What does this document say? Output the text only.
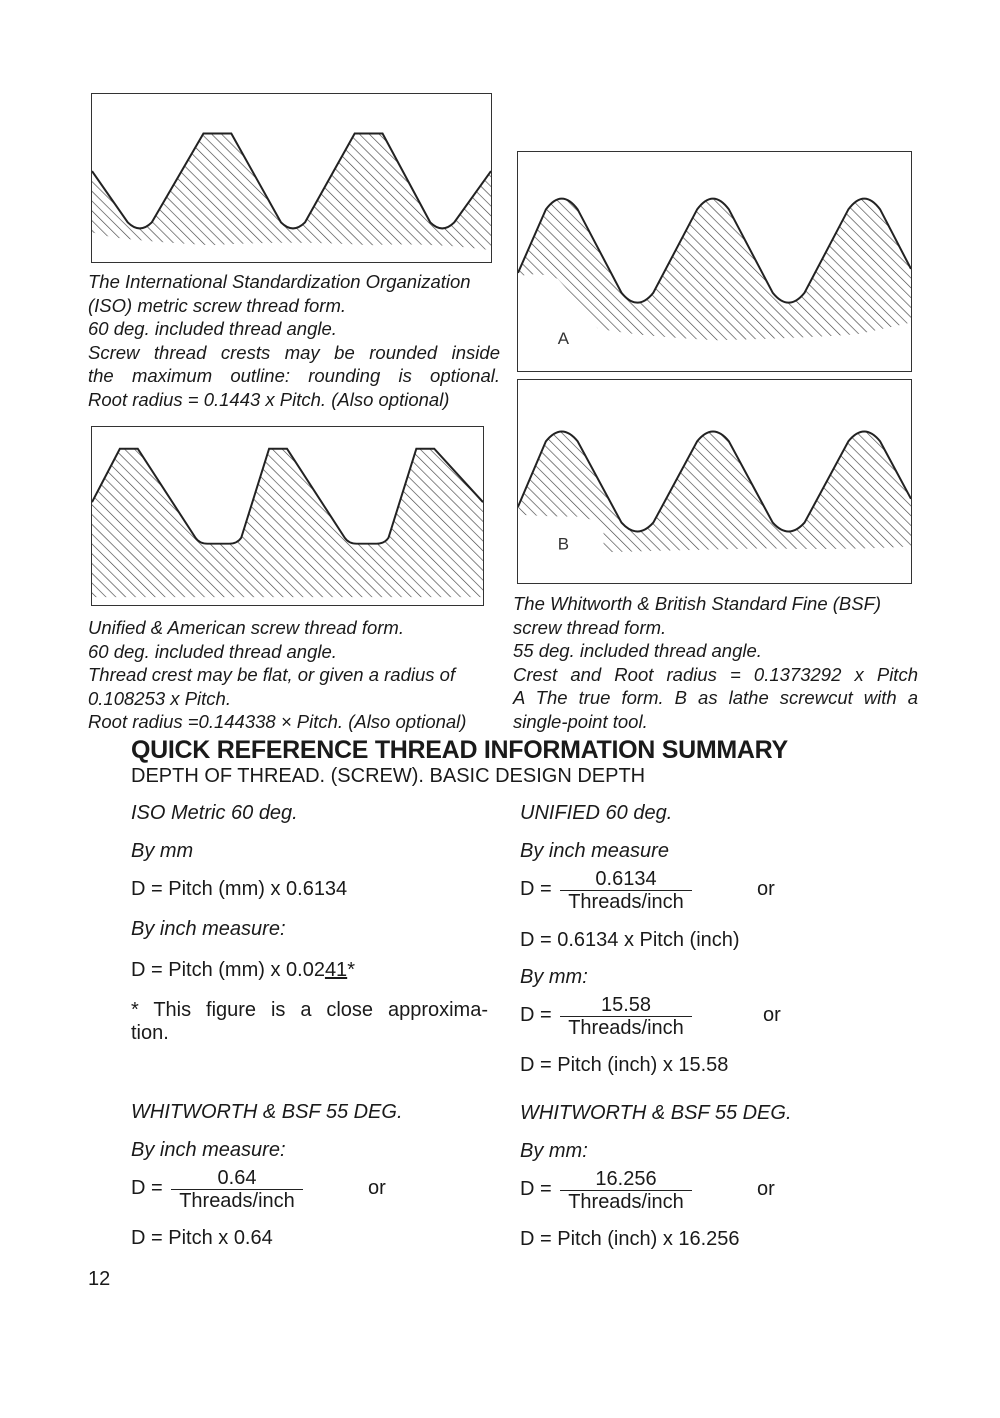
The International Standardization Organization
(ISO) metric screw thread form.
60 deg. included thread angle.
Screw thread crests may be rounded inside
the maximum outline: rounding is optional.
Root radius = 0.1443 x Pitch. (Also optional)
Unified & American screw thread form.
60 deg. included thread angle.
Thread crest may be flat, or given a radius of
0.108253 x Pitch.
Root radius =0.144338 × Pitch. (Also optional)
A
B
The Whitworth & British Standard Fine (BSF)
screw thread form.
55 deg. included thread angle.
Crest and Root radius = 0.1373292 x Pitch
A The true form. B as lathe screwcut with a
single-point tool.
QUICK REFERENCE THREAD INFORMATION SUMMARY
DEPTH OF THREAD. (SCREW). BASIC DESIGN DEPTH
ISO Metric 60 deg.
By mm
D = Pitch (mm) x 0.6134
By inch measure:
D = Pitch (mm) x 0.0241*
* This figure is a close approxima-
tion.
UNIFIED 60 deg.
By inch measure
D =	0.6134
Threads/inch
or
D = 0.6134 x Pitch (inch)
By mm:
D =	15.58
Threads/inch
or
D = Pitch (inch) x 15.58
WHITWORTH & BSF 55 DEG.
By inch measure:
D =	0.64
Threads/inch
or
D = Pitch x 0.64
WHITWORTH & BSF 55 DEG.
By mm:
D =	16.256
Threads/inch
or
D = Pitch (inch) x 16.256
12
